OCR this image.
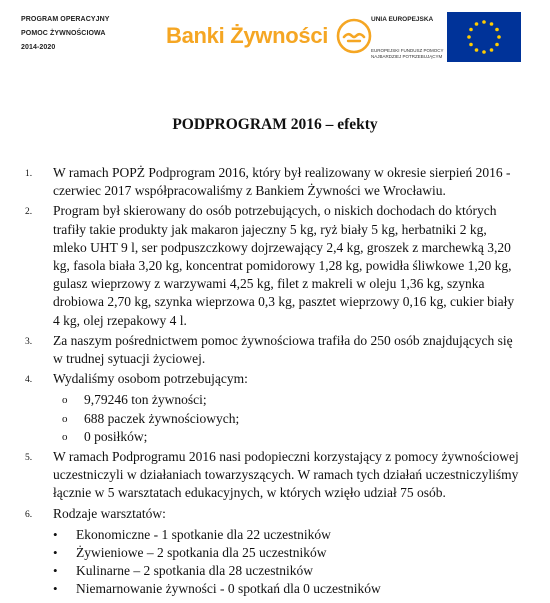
PROGRAM OPERACYJNY
POMOC ŻYWNOŚCIOWA
2014-2020	Banki Żywności
UNIA EUROPEJSKA
EUROPEJSKI FUNDUSZ POMOCY
NAJBARDZIEJ POTRZEBUJĄCYM
PODPROGRAM 2016 – efekty
1.	W ramach POPŻ Podprogram 2016, który był realizowany w okresie sierpień 2016 -
czerwiec 2017 współpracowaliśmy z Bankiem Żywności we Wrocławiu.
2.	Program był skierowany do osób potrzebujących, o niskich dochodach do których
trafiły takie produkty jak makaron jajeczny 5 kg, ryż biały 5 kg, herbatniki 2 kg,
mleko UHT 9 l, ser podpuszczkowy dojrzewający 2,4 kg, groszek z marchewką 3,20
kg, fasola biała 3,20 kg, koncentrat pomidorowy 1,28 kg, powidła śliwkowe 1,20 kg,
gulasz wieprzowy z warzywami 4,25 kg, filet z makreli w oleju 1,36 kg, szynka
drobiowa 2,70 kg, szynka wieprzowa 0,3 kg, pasztet wieprzowy 0,16 kg, cukier biały
4 kg, olej rzepakowy 4 l.
3.	Za naszym pośrednictwem pomoc żywnościowa trafiła do 250 osób znajdujących się
w trudnej sytuacji życiowej.
4.	Wydaliśmy osobom potrzebującym:
o	9,79246 ton żywności;
o	688 paczek żywnościowych;
o	0 posiłków;
5.	W ramach Podprogramu 2016 nasi podopieczni korzystający z pomocy żywnościowej
uczestniczyli w działaniach towarzyszących. W ramach tych działań uczestniczyliśmy
łącznie w 5 warsztatach edukacyjnych, w których wzięło udział 75 osób.
6.	Rodzaje warsztatów:
•	Ekonomiczne - 1 spotkanie dla 22 uczestników
•	Żywieniowe – 2 spotkania dla 25 uczestników
•	Kulinarne – 2 spotkania dla 28 uczestników
•	Niemarnowanie żywności - 0 spotkań dla 0 uczestników
